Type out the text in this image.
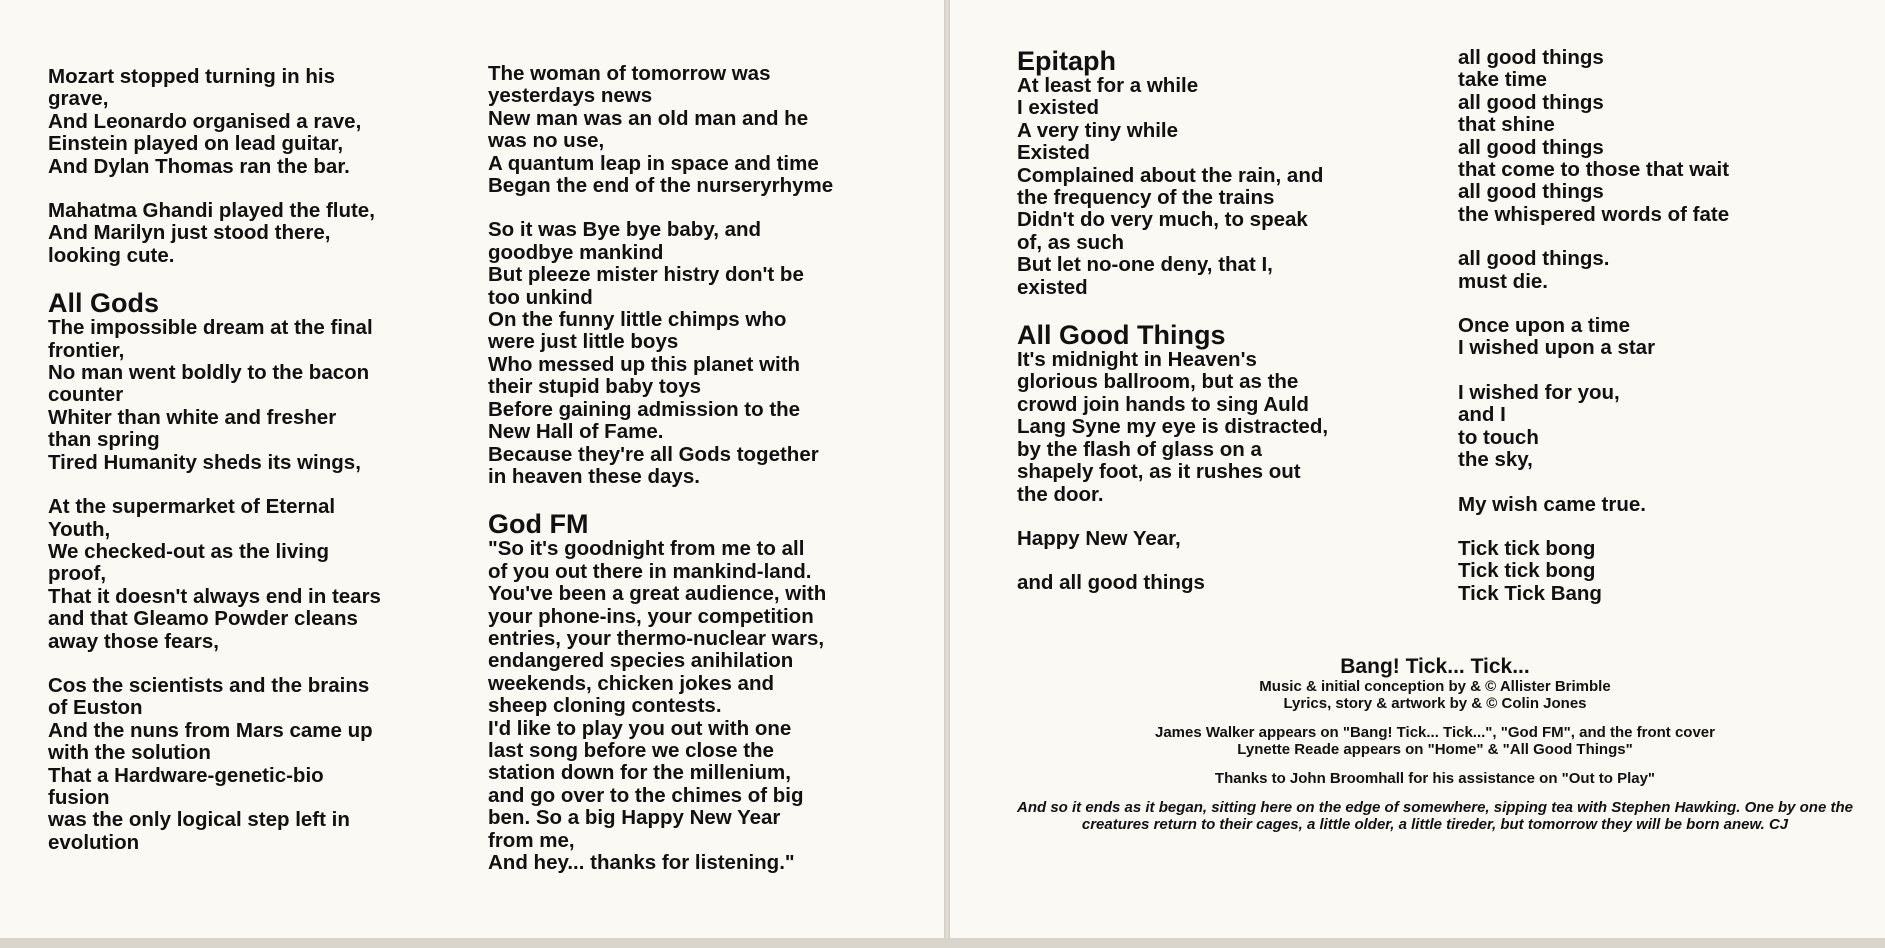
Mozart stopped turning in his
grave,
And Leonardo organised a rave,
Einstein played on lead guitar,
And Dylan Thomas ran the bar.

Mahatma Ghandi played the flute,
And Marilyn just stood there,
looking cute.

All Gods
The impossible dream at the final
frontier,
No man went boldly to the bacon
counter
Whiter than white and fresher
than spring
Tired Humanity sheds its wings,

At the supermarket of Eternal
Youth,
We checked-out as the living
proof,
That it doesn't always end in tears
and that Gleamo Powder cleans
away those fears,

Cos the scientists and the brains
of Euston
And the nuns from Mars came up
with the solution
That a Hardware-genetic-bio
fusion
was the only logical step left in
evolution

The woman of tomorrow was
yesterdays news
New man was an old man and he
was no use,
A quantum leap in space and time
Began the end of the nurseryrhyme

So it was Bye bye baby, and
goodbye mankind
But pleeze mister histry don't be
too unkind
On the funny little chimps who
were just little boys
Who messed up this planet with
their stupid baby toys
Before gaining admission to the
New Hall of Fame.
Because they're all Gods together
in heaven these days.

God FM
"So it's goodnight from me to all
of you out there in mankind-land.
You've been a great audience, with
your phone-ins, your competition
entries, your thermo-nuclear wars,
endangered species anihilation
weekends, chicken jokes and
sheep cloning contests.
I'd like to play you out with one
last song before we close the
station down for the millenium,
and go over to the chimes of big
ben. So a big Happy New Year
from me,
And hey... thanks for listening."

Epitaph
At least for a while
I existed
A very tiny while
Existed
Complained about the rain, and
the frequency of the trains
Didn't do very much, to speak
of, as such
But let no-one deny, that I,
existed

All Good Things
It's midnight in Heaven's
glorious ballroom, but as the
crowd join hands to sing Auld
Lang Syne my eye is distracted,
by the flash of glass on a
shapely foot, as it rushes out
the door.

Happy New Year,

and all good things

all good things
take time
all good things
that shine
all good things
that come to those that wait
all good things
the whispered words of fate

all good things.
must die.

Once upon a time
I wished upon a star

I wished for you,
and I
to touch
the sky,

My wish came true.

Tick tick bong
Tick tick bong
Tick Tick Bang

Bang! Tick... Tick...
Music & initial conception by & © Allister Brimble
Lyrics, story & artwork by & © Colin Jones
James Walker appears on "Bang! Tick... Tick...", "God FM", and the front cover
Lynette Reade appears on "Home" & "All Good Things"
Thanks to John Broomhall for his assistance on "Out to Play"
And so it ends as it began, sitting here on the edge of somewhere, sipping tea with Stephen Hawking. One by one the creatures return to their cages, a little older, a little tireder, but tomorrow they will be born anew. CJ
